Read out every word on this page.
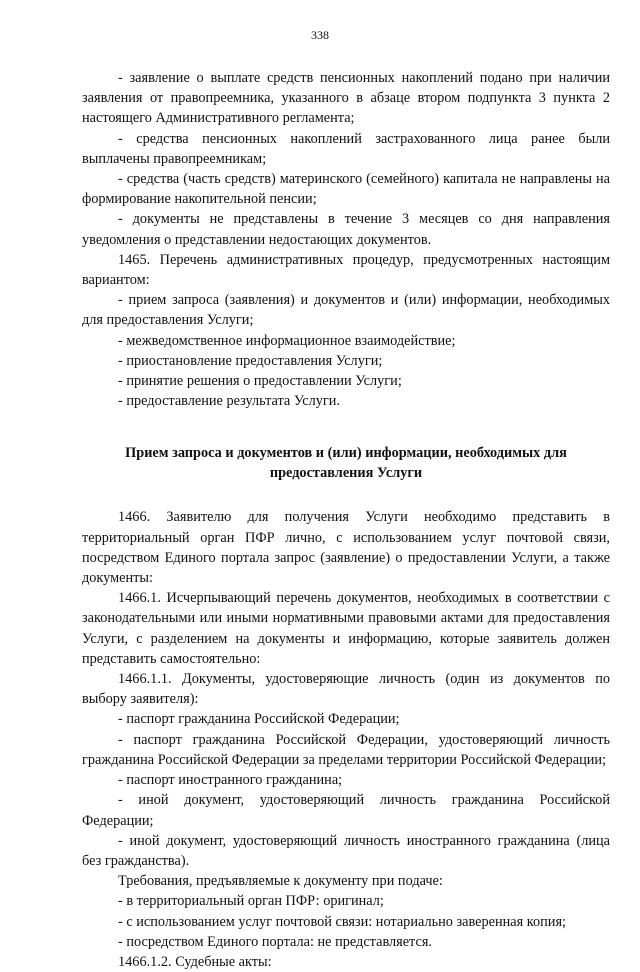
338

- заявление о выплате средств пенсионных накоплений подано при наличии заявления от правопреемника, указанного в абзаце втором подпункта 3 пункта 2 настоящего Административного регламента;

- средства пенсионных накоплений застрахованного лица ранее были выплачены правопреемникам;

- средства (часть средств) материнского (семейного) капитала не направлены на формирование накопительной пенсии;

- документы не представлены в течение 3 месяцев со дня направления уведомления о представлении недостающих документов.

1465. Перечень административных процедур, предусмотренных настоящим вариантом:

- прием запроса (заявления) и документов и (или) информации, необходимых для предоставления Услуги;

- межведомственное информационное взаимодействие;

- приостановление предоставления Услуги;

- принятие решения о предоставлении Услуги;

- предоставление результата Услуги.

Прием запроса и документов и (или) информации, необходимых для предоставления Услуги

1466. Заявителю для получения Услуги необходимо представить в территориальный орган ПФР лично, с использованием услуг почтовой связи, посредством Единого портала запрос (заявление) о предоставлении Услуги, а также документы:

1466.1. Исчерпывающий перечень документов, необходимых в соответствии с законодательными или иными нормативными правовыми актами для предоставления Услуги, с разделением на документы и информацию, которые заявитель должен представить самостоятельно:

1466.1.1. Документы, удостоверяющие личность (один из документов по выбору заявителя):

- паспорт гражданина Российской Федерации;

- паспорт гражданина Российской Федерации, удостоверяющий личность гражданина Российской Федерации за пределами территории Российской Федерации;

- паспорт иностранного гражданина;

- иной документ, удостоверяющий личность гражданина Российской Федерации;

- иной документ, удостоверяющий личность иностранного гражданина (лица без гражданства).

Требования, предъявляемые к документу при подаче:

- в территориальный орган ПФР: оригинал;

- с использованием услуг почтовой связи: нотариально заверенная копия;

- посредством Единого портала: не представляется.

1466.1.2. Судебные акты:
